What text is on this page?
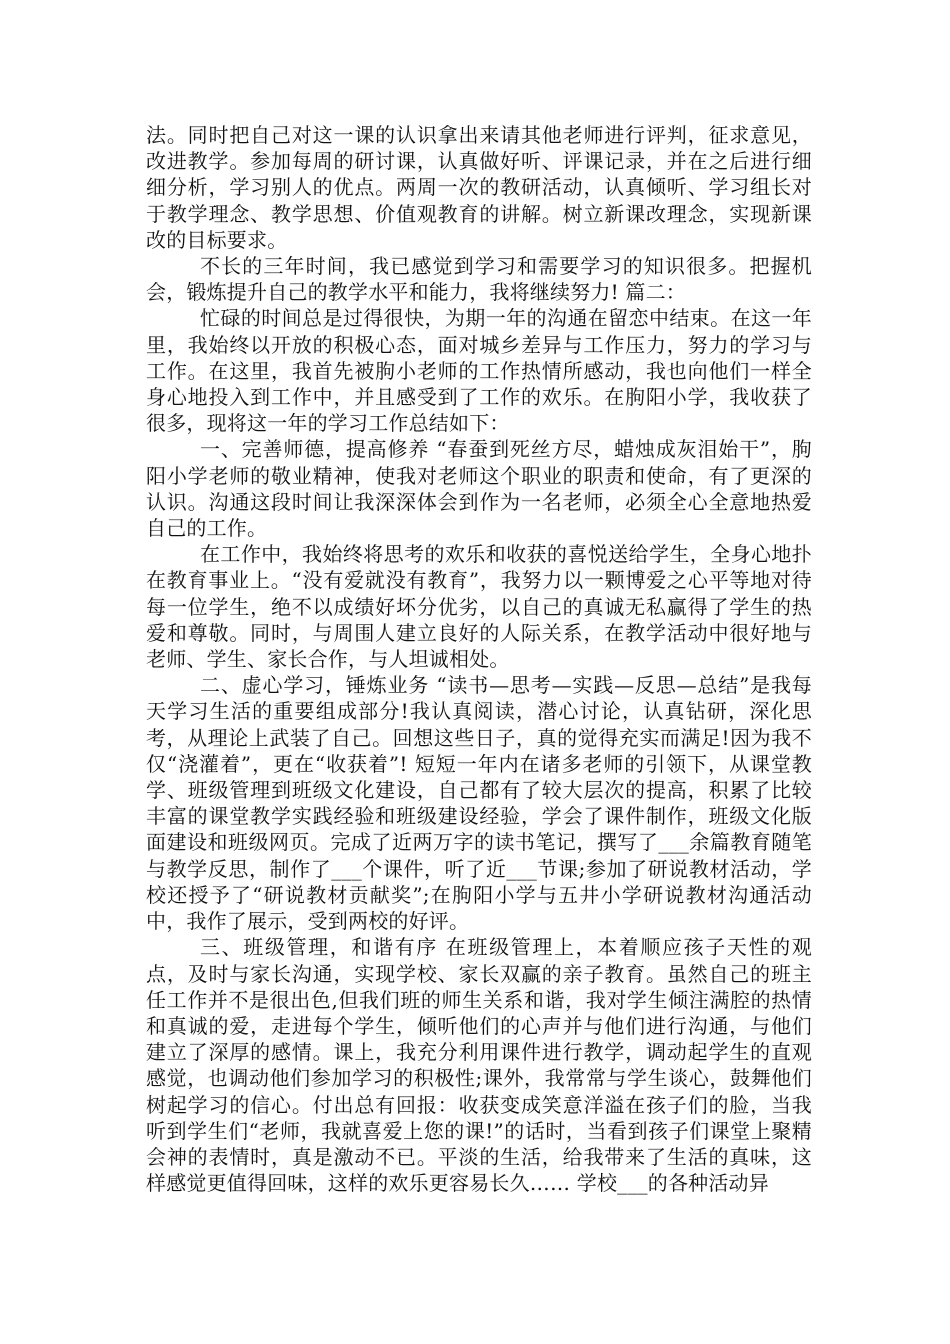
法。同时把自己对这一课的认识拿出来请其他老师进行评判，征求意见，改进教学。参加每周的研讨课，认真做好听、评课记录，并在之后进行细细分析，学习别人的优点。两周一次的教研活动，认真倾听、学习组长对于教学理念、教学思想、价值观教育的讲解。树立新课改理念，实现新课改的目标要求。

不长的三年时间，我已感觉到学习和需要学习的知识很多。把握机会，锻炼提升自己的教学水平和能力，我将继续努力! 篇二：

忙碌的时间总是过得很快，为期一年的沟通在留恋中结束。在这一年里，我始终以开放的积极心态，面对城乡差异与工作压力，努力的学习与工作。在这里，我首先被朐小老师的工作热情所感动，我也向他们一样全身心地投入到工作中，并且感受到了工作的欢乐。在朐阳小学，我收获了很多，现将这一年的学习工作总结如下：

一、完善师德，提高修养 “春蚕到死丝方尽，蜡烛成灰泪始干”，朐阳小学老师的敬业精神，使我对老师这个职业的职责和使命，有了更深的认识。沟通这段时间让我深深体会到作为一名老师，必须全心全意地热爱自己的工作。

在工作中，我始终将思考的欢乐和收获的喜悦送给学生，全身心地扑在教育事业上。“没有爱就没有教育”，我努力以一颗博爱之心平等地对待每一位学生，绝不以成绩好坏分优劣，以自己的真诚无私赢得了学生的热爱和尊敬。同时，与周围人建立良好的人际关系，在教学活动中很好地与老师、学生、家长合作，与人坦诚相处。

二、虚心学习，锤炼业务 “读书—思考—实践—反思—总结”是我每天学习生活的重要组成部分!我认真阅读，潜心讨论，认真钻研，深化思考，从理论上武装了自己。回想这些日子，真的觉得充实而满足!因为我不仅“浇灌着”，更在“收获着”! 短短一年内在诸多老师的引领下，从课堂教学、班级管理到班级文化建设，自己都有了较大层次的提高，积累了比较丰富的课堂教学实践经验和班级建设经验，学会了课件制作，班级文化版面建设和班级网页。完成了近两万字的读书笔记，撰写了___余篇教育随笔与教学反思，制作了___个课件，听了近___节课;参加了研说教材活动，学校还授予了“研说教材贡献奖”;在朐阳小学与五井小学研说教材沟通活动中，我作了展示，受到两校的好评。

三、班级管理，和谐有序 在班级管理上，本着顺应孩子天性的观点，及时与家长沟通，实现学校、家长双赢的亲子教育。虽然自己的班主任工作并不是很出色,但我们班的师生关系和谐，我对学生倾注满腔的热情和真诚的爱，走进每个学生，倾听他们的心声并与他们进行沟通，与他们建立了深厚的感情。课上，我充分利用课件进行教学，调动起学生的直观感觉，也调动他们参加学习的积极性;课外，我常常与学生谈心，鼓舞他们树起学习的信心。付出总有回报：收获变成笑意洋溢在孩子们的脸，当我听到学生们“老师，我就喜爱上您的课!”的话时，当看到孩子们课堂上聚精会神的表情时，真是激动不已。平淡的生活，给我带来了生活的真味，这样感觉更值得回味，这样的欢乐更容易长久…… 学校___的各种活动异
